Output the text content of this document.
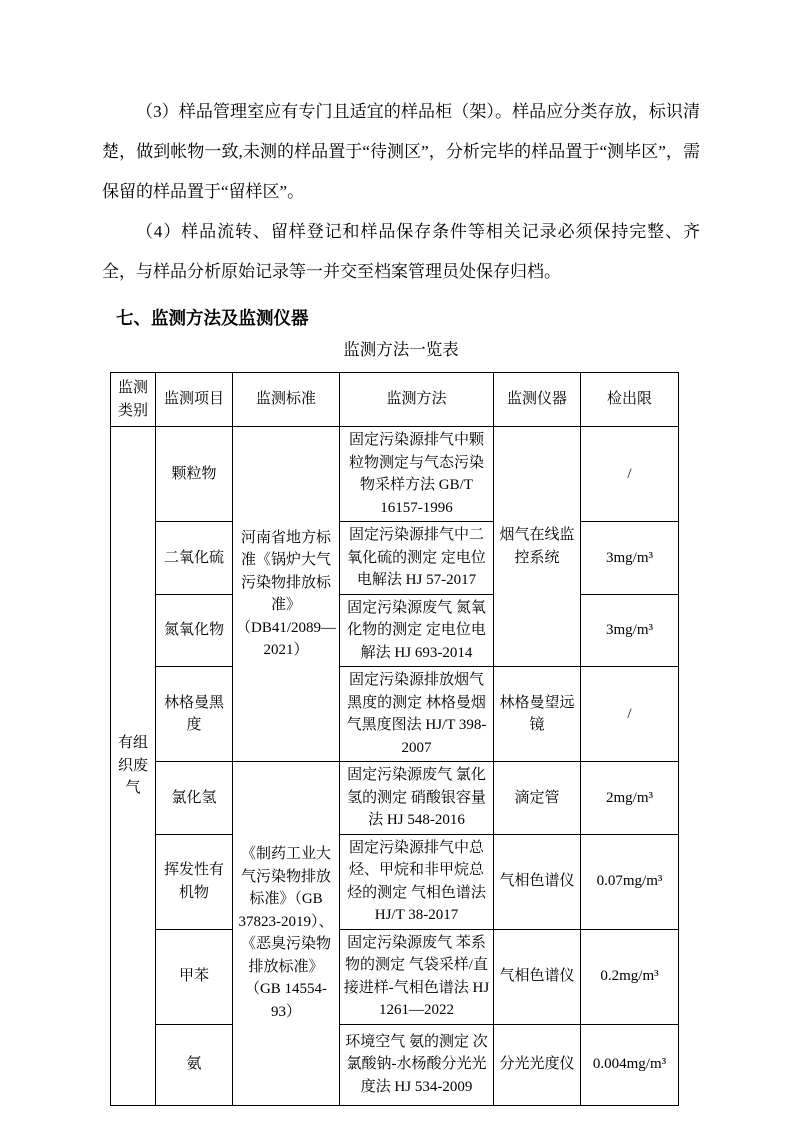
（3）样品管理室应有专门且适宜的样品柜（架）。样品应分类存放，标识清楚，做到帐物一致,未测的样品置于“待测区”，分析完毕的样品置于“测毕区”，需保留的样品置于“留样区”。

（4）样品流转、留样登记和样品保存条件等相关记录必须保持完整、齐全，与样品分析原始记录等一并交至档案管理员处保存归档。

七、监测方法及监测仪器
监测方法一览表
监测类别	监测项目	监测标准	监测方法	监测仪器	检出限
有组织废气	颗粒物	河南省地方标准《锅炉大气污染物排放标准》（DB41/2089—2021）	固定污染源排气中颗粒物测定与气态污染物采样方法 GB/T 16157-1996	烟气在线监控系统	/
	二氧化硫		固定污染源排气中二氧化硫的测定 定电位电解法 HJ 57-2017		3mg/m³
	氮氧化物		固定污染源废气 氮氧化物的测定 定电位电解法 HJ 693-2014		3mg/m³
	林格曼黑度		固定污染源排放烟气黑度的测定 林格曼烟气黑度图法 HJ/T 398-2007	林格曼望远镜	/
	氯化氢	《制药工业大气污染物排放标准》（GB 37823-2019）、《恶臭污染物排放标准》（GB 14554-93）	固定污染源废气 氯化氢的测定 硝酸银容量法 HJ 548-2016	滴定管	2mg/m³
	挥发性有机物		固定污染源排气中总烃、甲烷和非甲烷总烃的测定 气相色谱法 HJ/T 38-2017	气相色谱仪	0.07mg/m³
	甲苯		固定污染源废气 苯系物的测定 气袋采样/直接进样-气相色谱法 HJ 1261—2022	气相色谱仪	0.2mg/m³
	氨		环境空气 氨的测定 次氯酸钠-水杨酸分光光度法 HJ 534-2009	分光光度仪	0.004mg/m³
